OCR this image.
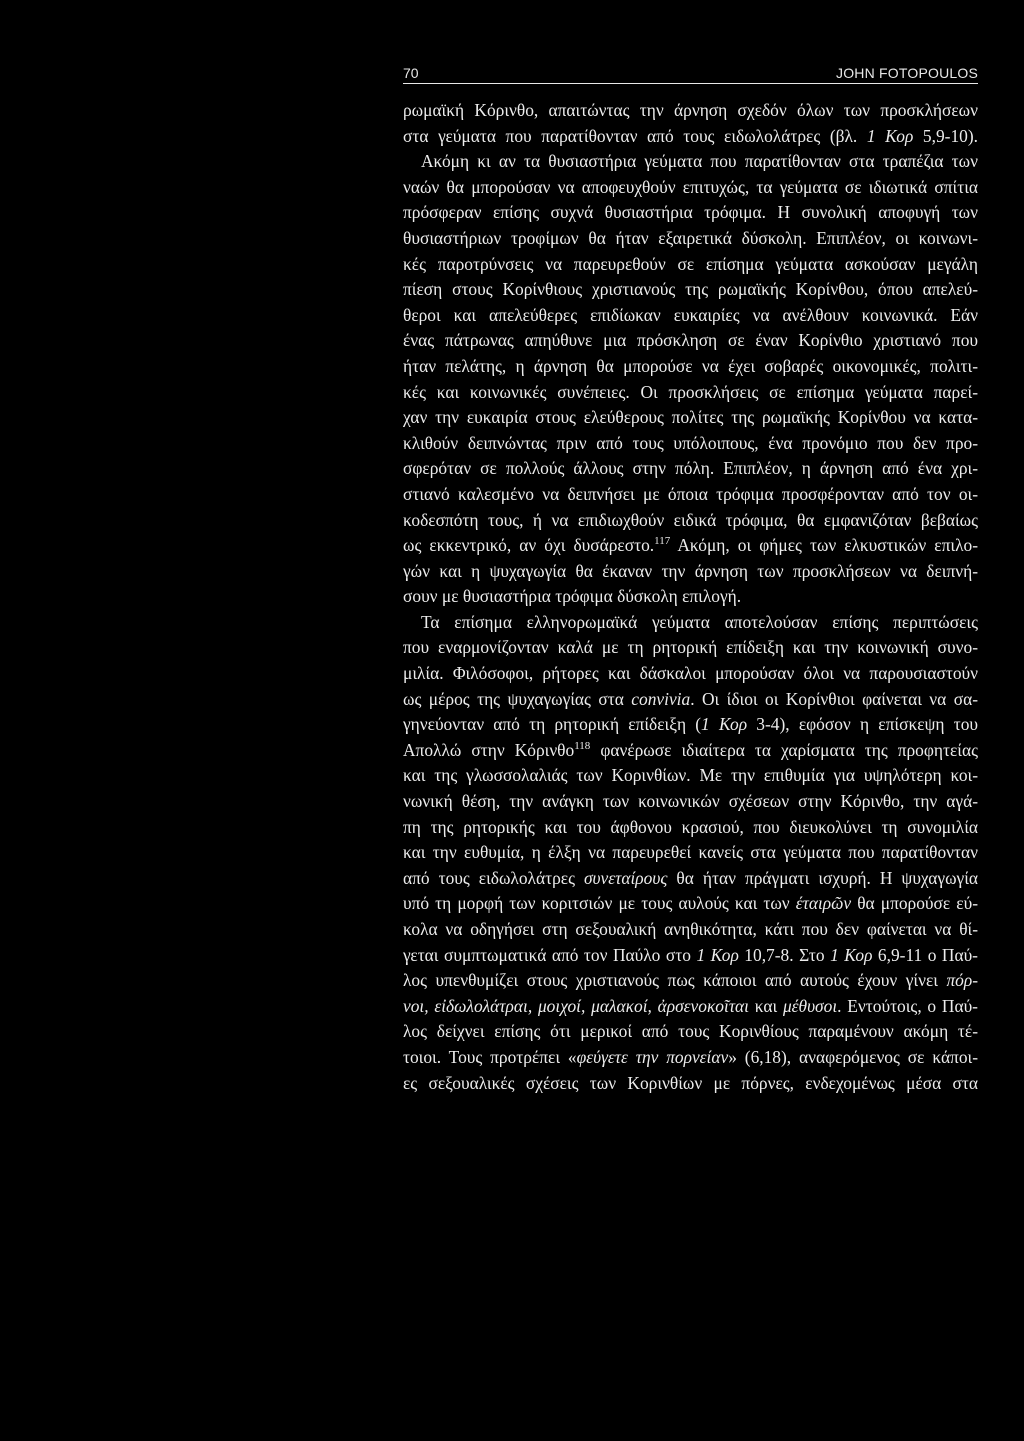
70	JOHN FOTOPOULOS
ρωμαϊκή Κόρινθο, απαιτώντας την άρνηση σχεδόν όλων των προσκλήσεων
στα γεύματα που παρατίθονταν από τους ειδωλολάτρες (βλ. 1 Κορ 5,9-10).
Ακόμη κι αν τα θυσιαστήρια γεύματα που παρατίθονταν στα τραπέζια των
ναών θα μπορούσαν να αποφευχθούν επιτυχώς, τα γεύματα σε ιδιωτικά σπίτια
πρόσφεραν επίσης συχνά θυσιαστήρια τρόφιμα. Η συνολική αποφυγή των
θυσιαστήριων τροφίμων θα ήταν εξαιρετικά δύσκολη. Επιπλέον, οι κοινωνι-
κές παροτρύνσεις να παρευρεθούν σε επίσημα γεύματα ασκούσαν μεγάλη
πίεση στους Κορίνθιους χριστιανούς της ρωμαϊκής Κορίνθου, όπου απελεύ-
θεροι και απελεύθερες επιδίωκαν ευκαιρίες να ανέλθουν κοινωνικά. Εάν
ένας πάτρωνας απηύθυνε μια πρόσκληση σε έναν Κορίνθιο χριστιανό που
ήταν πελάτης, η άρνηση θα μπορούσε να έχει σοβαρές οικονομικές, πολιτι-
κές και κοινωνικές συνέπειες. Οι προσκλήσεις σε επίσημα γεύματα παρεί-
χαν την ευκαιρία στους ελεύθερους πολίτες της ρωμαϊκής Κορίνθου να κατα-
κλιθούν δειπνώντας πριν από τους υπόλοιπους, ένα προνόμιο που δεν προ-
σφερόταν σε πολλούς άλλους στην πόλη. Επιπλέον, η άρνηση από ένα χρι-
στιανό καλεσμένο να δειπνήσει με όποια τρόφιμα προσφέρονταν από τον οι-
κοδεσπότη τους, ή να επιδιωχθούν ειδικά τρόφιμα, θα εμφανιζόταν βεβαίως
ως εκκεντρικό, αν όχι δυσάρεστο.$^{117}$ Ακόμη, οι φήμες των ελκυστικών επιλο-
γών και η ψυχαγωγία θα έκαναν την άρνηση των προσκλήσεων να δειπνή-
σουν με θυσιαστήρια τρόφιμα δύσκολη επιλογή.
Τα επίσημα ελληνορωμαϊκά γεύματα αποτελούσαν επίσης περιπτώσεις
που εναρμονίζονταν καλά με τη ρητορική επίδειξη και την κοινωνική συνο-
μιλία. Φιλόσοφοι, ρήτορες και δάσκαλοι μπορούσαν όλοι να παρουσιαστούν
ως μέρος της ψυχαγωγίας στα convivia. Οι ίδιοι οι Κορίνθιοι φαίνεται να σα-
γηνεύονταν από τη ρητορική επίδειξη (1 Κορ 3-4), εφόσον η επίσκεψη του
Απολλώ στην Κόρινθο$^{118}$ φανέρωσε ιδιαίτερα τα χαρίσματα της προφητείας
και της γλωσσολαλιάς των Κορινθίων. Με την επιθυμία για υψηλότερη κοι-
νωνική θέση, την ανάγκη των κοινωνικών σχέσεων στην Κόρινθο, την αγά-
πη της ρητορικής και του άφθονου κρασιού, που διευκολύνει τη συνομιλία
και την ευθυμία, η έλξη να παρευρεθεί κανείς στα γεύματα που παρατίθονταν
από τους ειδωλολάτρες συνεταίρους θα ήταν πράγματι ισχυρή. Η ψυχαγωγία
υπό τη μορφή των κοριτσιών με τους αυλούς και των έταιρῶν θα μπορούσε εύ-
κολα να οδηγήσει στη σεξουαλική ανηθικότητα, κάτι που δεν φαίνεται να θί-
γεται συμπτωματικά από τον Παύλο στο 1 Κορ 10,7-8. Στο 1 Κορ 6,9-11 ο Παύ-
λος υπενθυμίζει στους χριστιανούς πως κάποιοι από αυτούς έχουν γίνει πόρ-
νοι, εἰδωλολάτραι, μοιχοί, μαλακοί, ἀρσενοκοῖται και μέθυσοι. Εντούτοις, ο Παύ-
λος δείχνει επίσης ότι μερικοί από τους Κορινθίους παραμένουν ακόμη τέ-
τοιοι. Τους προτρέπει «φεύγετε την πορνείαν» (6,18), αναφερόμενος σε κάποι-
ες σεξουαλικές σχέσεις των Κορινθίων με πόρνες, ενδεχομένως μέσα στα
